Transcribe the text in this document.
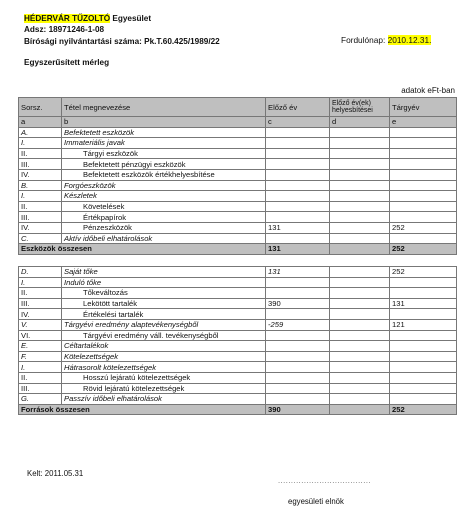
HÉDERVÁR TŰZOLTÓ Egyesület
Adsz: 18971246-1-08
Bírósági nyilvántartási száma: Pk.T.60.425/1989/22	Fordulónap: 2010.12.31.
Egyszerűsített mérleg
adatok eFt-ban
Sorsz.	Tétel megnevezése	Előző év	Előző év(ek) helyesbítései	Tárgyév
a	b	c	d	e
A.	Befektetett eszközök			
I.	Immateriális javak			
II.	Tárgyi eszközök			
III.	Befektetett pénzügyi eszközök			
IV.	Befektetett eszközök értékhelyesbítése			
B.	Forgóeszközök			
I.	Készletek			
II.	Követelések			
III.	Értékpapírok			
IV.	Pénzeszközök	131		252
C.	Aktív időbeli elhatárolások			
Eszközök összesen		131		252
D.	Saját tőke	131		252
I.	Induló tőke			
II.	Tőkeváltozás			
III.	Lekötött tartalék	390		131
IV.	Értékelési tartalék			
V.	Tárgyévi eredmény alaptevékenységből	-259		121
VI.	Tárgyévi eredmény váll. tevékenységből			
E.	Céltartalékok			
F.	Kötelezettségek			
I.	Hátrasorolt kötelezettségek			
II.	Hosszú lejáratú kötelezettségek			
III.	Rövid lejáratú kötelezettségek			
G.	Passzív időbeli elhatárolások			
Források összesen		390		252
Kelt: 2011.05.31
....................................
egyesületi elnök
